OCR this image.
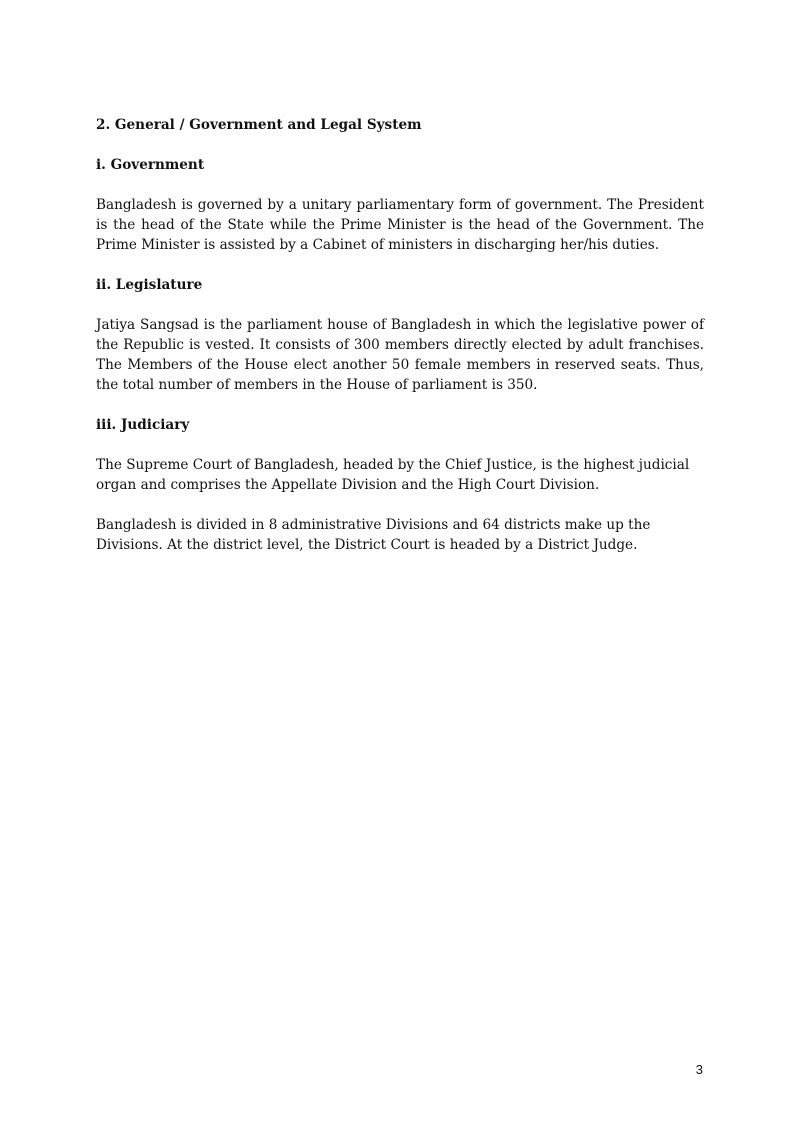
2. General / Government and Legal System

i. Government

Bangladesh is governed by a unitary parliamentary form of government. The President is the head of the State while the Prime Minister is the head of the Government. The Prime Minister is assisted by a Cabinet of ministers in discharging her/his duties.

ii. Legislature

Jatiya Sangsad is the parliament house of Bangladesh in which the legislative power of the Republic is vested. It consists of 300 members directly elected by adult franchises. The Members of the House elect another 50 female members in reserved seats. Thus, the total number of members in the House of parliament is 350.

iii. Judiciary

The Supreme Court of Bangladesh, headed by the Chief Justice, is the highest judicial organ and comprises the Appellate Division and the High Court Division.

Bangladesh is divided in 8 administrative Divisions and 64 districts make up the Divisions. At the district level, the District Court is headed by a District Judge.

3
